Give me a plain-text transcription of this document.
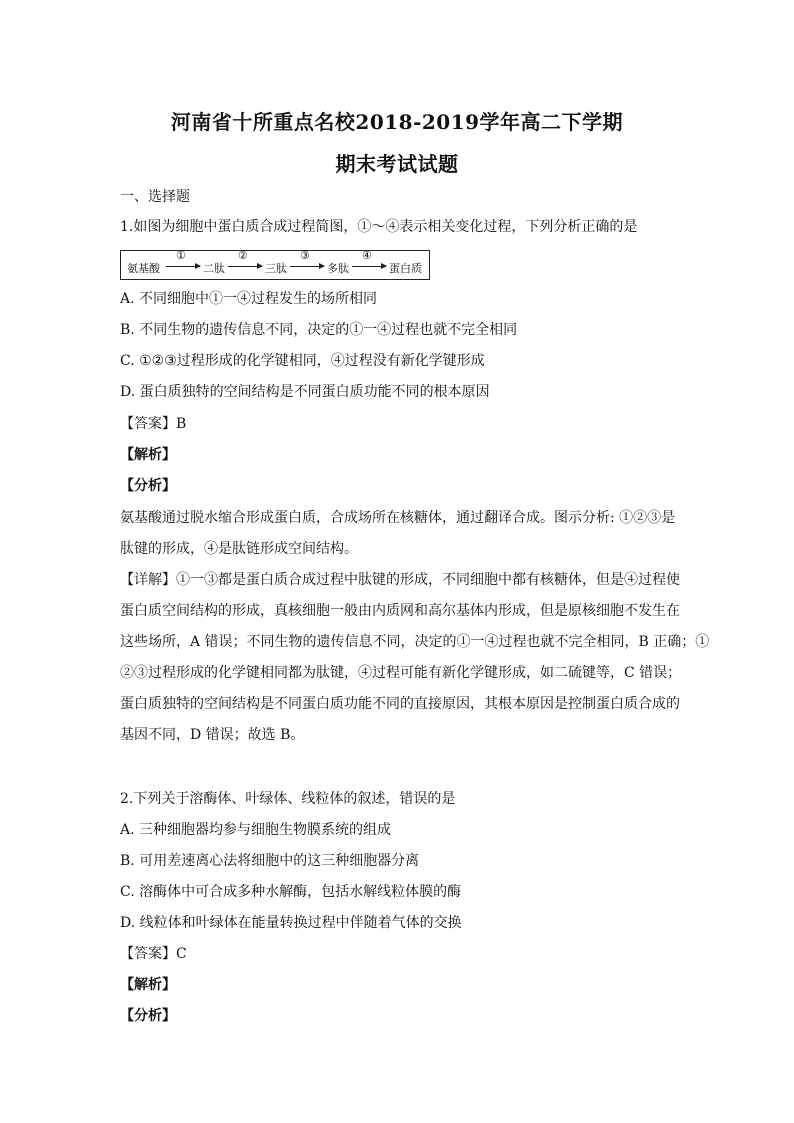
河南省十所重点名校2018-2019学年高二下学期
期末考试试题
一、选择题
1.如图为细胞中蛋白质合成过程简图，①～④表示相关变化过程，下列分析正确的是
氨基酸
①
二肽
②
三肽
③
多肽
④
蛋白质
A. 不同细胞中①一④过程发生的场所相同
B. 不同生物的遗传信息不同，决定的①一④过程也就不完全相同
C. ①②③过程形成的化学键相同，④过程没有新化学键形成
D. 蛋白质独特的空间结构是不同蛋白质功能不同的根本原因
【答案】B
【解析】
【分析】
氨基酸通过脱水缩合形成蛋白质，合成场所在核糖体，通过翻译合成。图示分析: ①②③是
肽键的形成，④是肽链形成空间结构。
【详解】①一③都是蛋白质合成过程中肽键的形成，不同细胞中都有核糖体，但是④过程使
蛋白质空间结构的形成，真核细胞一般由内质网和高尔基体内形成，但是原核细胞不发生在
这些场所，A 错误；不同生物的遗传信息不同，决定的①一④过程也就不完全相同，B 正确；①
②③过程形成的化学键相同都为肽键，④过程可能有新化学键形成，如二硫键等，C 错误；
蛋白质独特的空间结构是不同蛋白质功能不同的直接原因，其根本原因是控制蛋白质合成的
基因不同，D 错误；故选 B。
2.下列关于溶酶体、叶绿体、线粒体的叙述，错误的是
A. 三种细胞器均参与细胞生物膜系统的组成
B. 可用差速离心法将细胞中的这三种细胞器分离
C. 溶酶体中可合成多种水解酶，包括水解线粒体膜的酶
D. 线粒体和叶绿体在能量转换过程中伴随着气体的交换
【答案】C
【解析】
【分析】
